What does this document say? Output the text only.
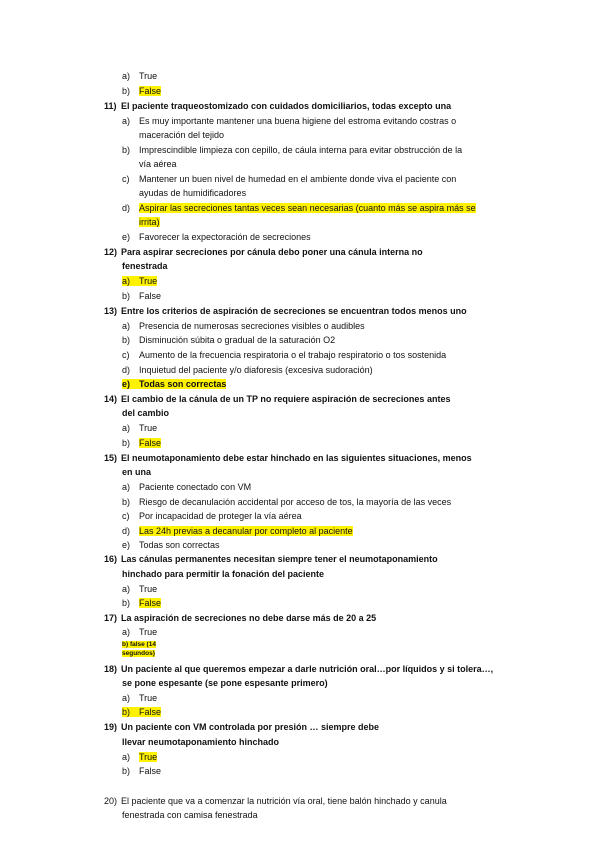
a) True
b) False
11) El paciente traqueostomizado con cuidados domiciliarios, todas excepto una
a) Es muy importante mantener una buena higiene del estroma evitando costras o
maceración del tejido
b) Imprescindible limpieza con cepillo, de cáula interna para evitar obstrucción de la
vía aérea
c) Mantener un buen nivel de humedad en el ambiente donde viva el paciente con
ayudas de humidificadores
d) Aspirar las secreciones tantas veces sean necesarias (cuanto más se aspira más se
irrita)
e) Favorecer la expectoración de secreciones
12) Para aspirar secreciones por cánula debo poner una cánula interna no
fenestrada
a) True
b) False
13) Entre los criterios de aspiración de secreciones se encuentran todos menos uno
a) Presencia de numerosas secreciones visibles o audibles
b) Disminución súbita o gradual de la saturación O2
c) Aumento de la frecuencia respiratoria o el trabajo respiratorio o tos sostenida
d) Inquietud del paciente y/o diaforesis (excesiva sudoración)
e) Todas son correctas
14) El cambio de la cánula de un TP no requiere aspiración de secreciones antes
del cambio
a) True
b) False
15) El neumotaponamiento debe estar hinchado en las siguientes situaciones, menos
en una
a) Paciente conectado con VM
b) Riesgo de decanulación accidental por acceso de tos, la mayoría de las veces
c) Por incapacidad de proteger la vía aérea
d) Las 24h previas a decanular por completo al paciente
e) Todas son correctas
16) Las cánulas permanentes necesitan siempre tener el neumotaponamiento
hinchado para permitir la fonación del paciente
a) True
b) False
17) La aspiración de secreciones no debe darse más de 20 a 25
a) True
b) false (14
segundos)
18) Un paciente al que queremos empezar a darle nutrición oral…por líquidos y si tolera…,
se pone espesante (se pone espesante primero)
a) True
b) False
19) Un paciente con VM controlada por presión … siempre debe
llevar neumotaponamiento hinchado
a) True
b) False
20) El paciente que va a comenzar la nutrición vía oral, tiene balón hinchado y canula
fenestrada con camisa fenestrada
